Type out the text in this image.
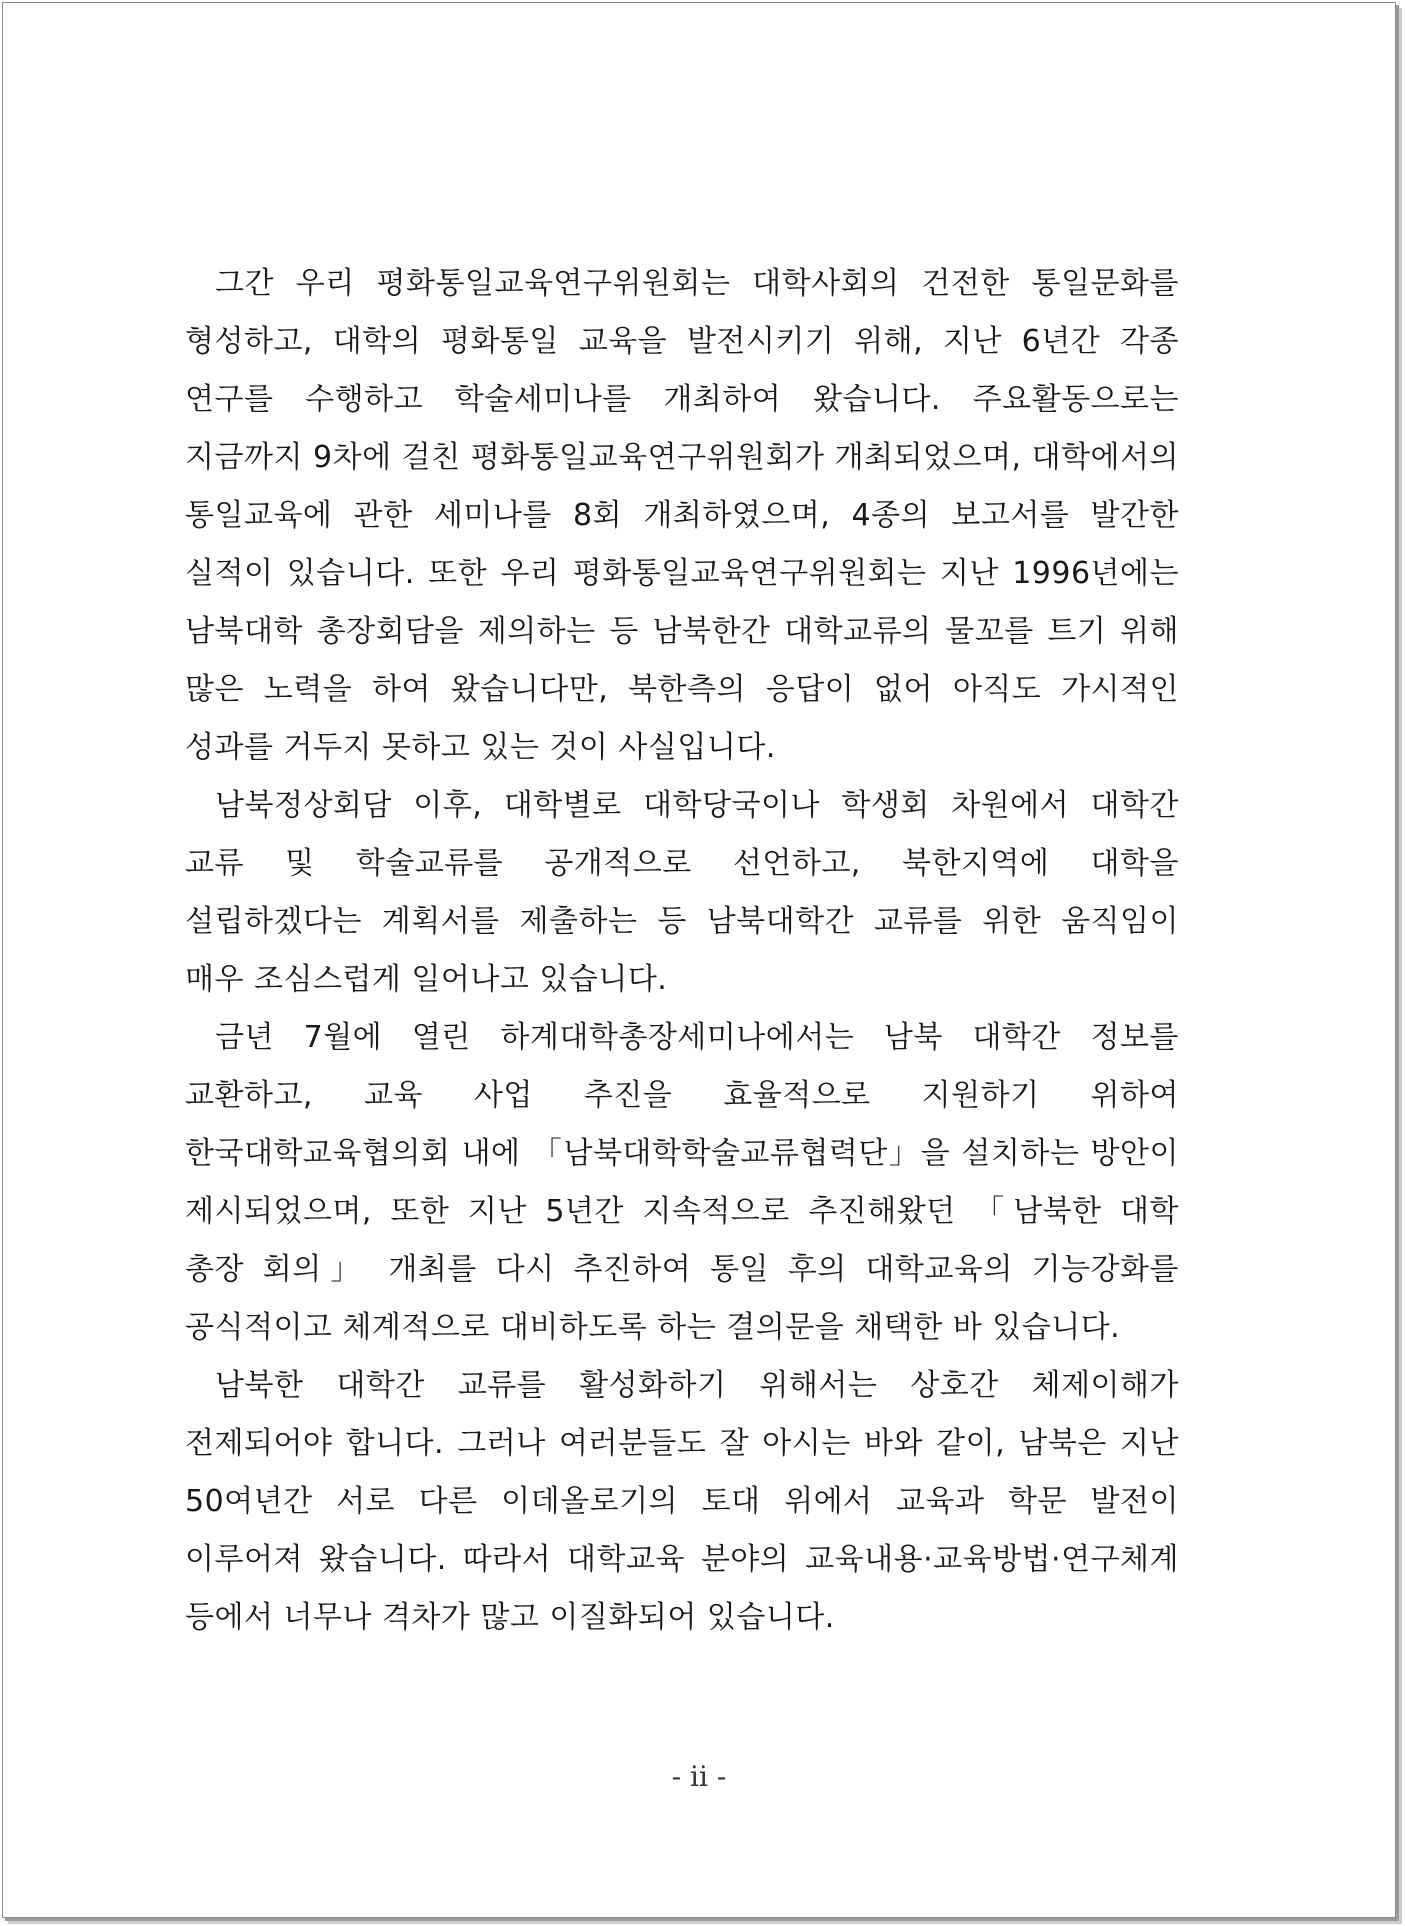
그간 우리 평화통일교육연구위원회는 대학사회의 건전한 통일문화를 형성하고, 대학의 평화통일 교육을 발전시키기 위해, 지난 6년간 각종 연구를 수행하고 학술세미나를 개최하여 왔습니다. 주요활동으로는 지금까지 9차에 걸친 평화통일교육연구위원회가 개최되었으며, 대학에서의 통일교육에 관한 세미나를 8회 개최하였으며, 4종의 보고서를 발간한 실적이 있습니다. 또한 우리 평화통일교육연구위원회는 지난 1996년에는 남북대학 총장회담을 제의하는 등 남북한간 대학교류의 물꼬를 트기 위해 많은 노력을 하여 왔습니다만, 북한측의 응답이 없어 아직도 가시적인 성과를 거두지 못하고 있는 것이 사실입니다.

남북정상회담 이후, 대학별로 대학당국이나 학생회 차원에서 대학간 교류 및 학술교류를 공개적으로 선언하고, 북한지역에 대학을 설립하겠다는 계획서를 제출하는 등 남북대학간 교류를 위한 움직임이 매우 조심스럽게 일어나고 있습니다.

금년 7월에 열린 하계대학총장세미나에서는 남북 대학간 정보를 교환하고, 교육 사업 추진을 효율적으로 지원하기 위하여 한국대학교육협의회 내에 「남북대학학술교류협력단」을 설치하는 방안이 제시되었으며, 또한 지난 5년간 지속적으로 추진해왔던 「남북한 대학 총장 회의」 개최를 다시 추진하여 통일 후의 대학교육의 기능강화를 공식적이고 체계적으로 대비하도록 하는 결의문을 채택한 바 있습니다.

남북한 대학간 교류를 활성화하기 위해서는 상호간 체제이해가 전제되어야 합니다. 그러나 여러분들도 잘 아시는 바와 같이, 남북은 지난 50여년간 서로 다른 이데올로기의 토대 위에서 교육과 학문 발전이 이루어져 왔습니다. 따라서 대학교육 분야의 교육내용·교육방법·연구체계 등에서 너무나 격차가 많고 이질화되어 있습니다.

- ii -
